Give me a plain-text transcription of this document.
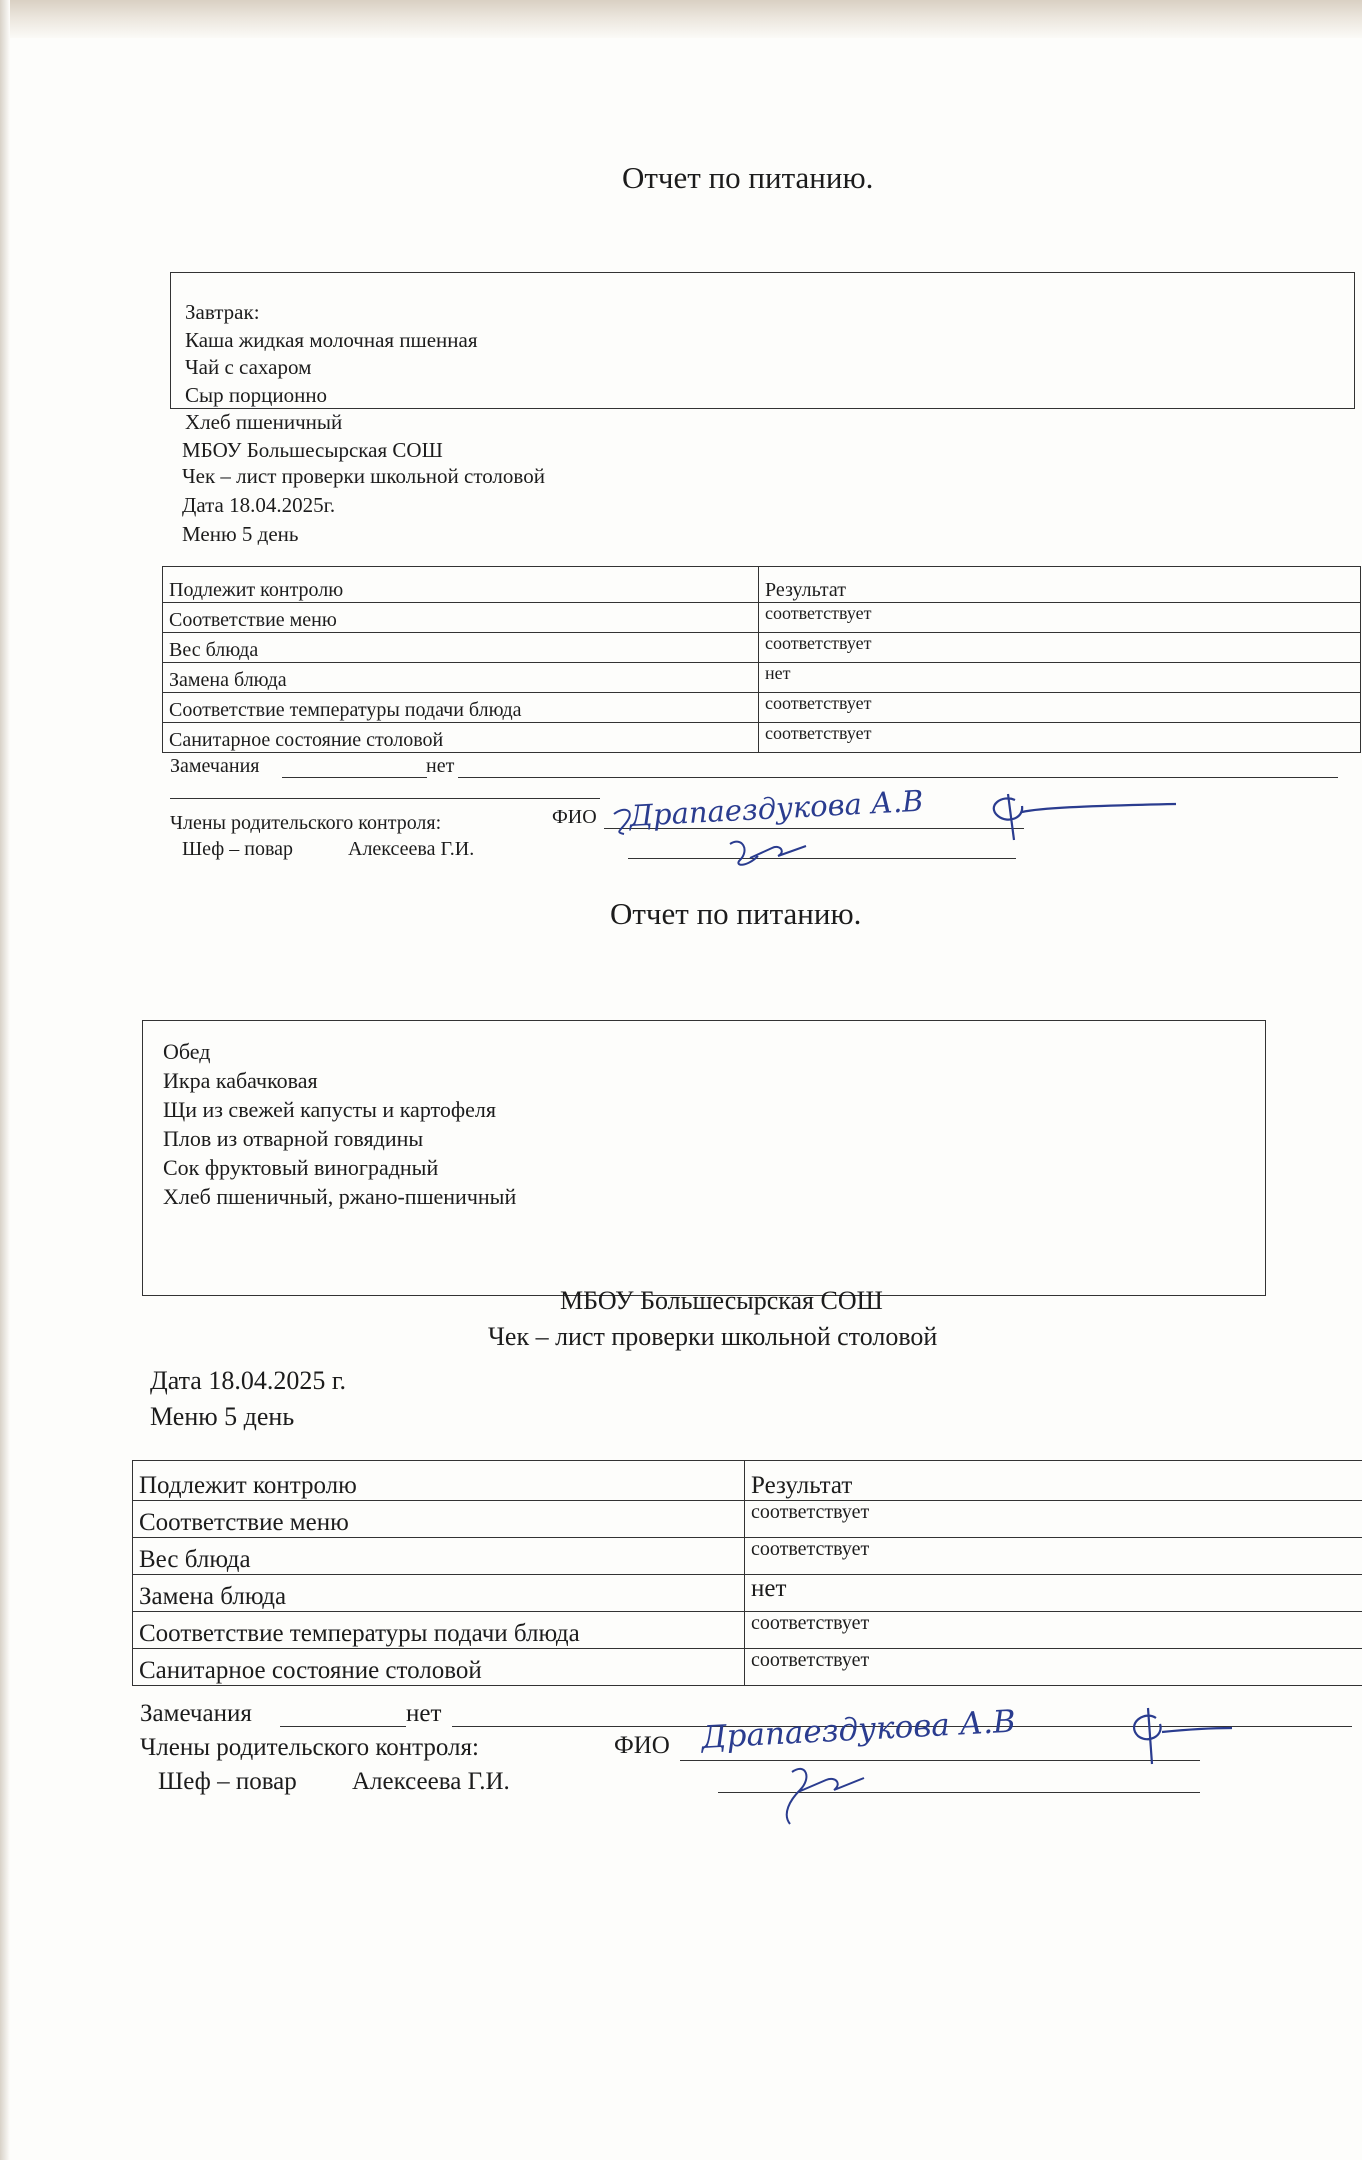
Отчет по питанию.
Завтрак:
Каша жидкая молочная пшенная
Чай с сахаром
Сыр порционно
Хлеб пшеничный
МБОУ Большесырская СОШ
Чек – лист проверки школьной столовой
Дата 18.04.2025г.
Меню 5 день
Подлежит контролю	Результат
Соответствие меню	соответствует
Вес блюда	соответствует
Замена блюда	нет
Соответствие температуры подачи блюда	соответствует
Санитарное состояние столовой	соответствует
Замечания	нет
Члены родительского контроля:	ФИО
Шеф – повар	Алексеева Г.И.
Драпаездукова А.В
Отчет по питанию.
Обед
Икра кабачковая
Щи из свежей капусты и картофеля
Плов из отварной говядины
Сок фруктовый виноградный
Хлеб пшеничный, ржано-пшеничный
МБОУ Большесырская СОШ
Чек – лист проверки школьной столовой
Дата 18.04.2025 г.
Меню 5 день
Подлежит контролю	Результат
Соответствие меню	соответствует
Вес блюда	соответствует
Замена блюда	нет
Соответствие температуры подачи блюда	соответствует
Санитарное состояние столовой	соответствует
Замечания	нет
Члены родительского контроля:	ФИО
Шеф – повар Алексеева Г.И.
Драпаездукова А.В
